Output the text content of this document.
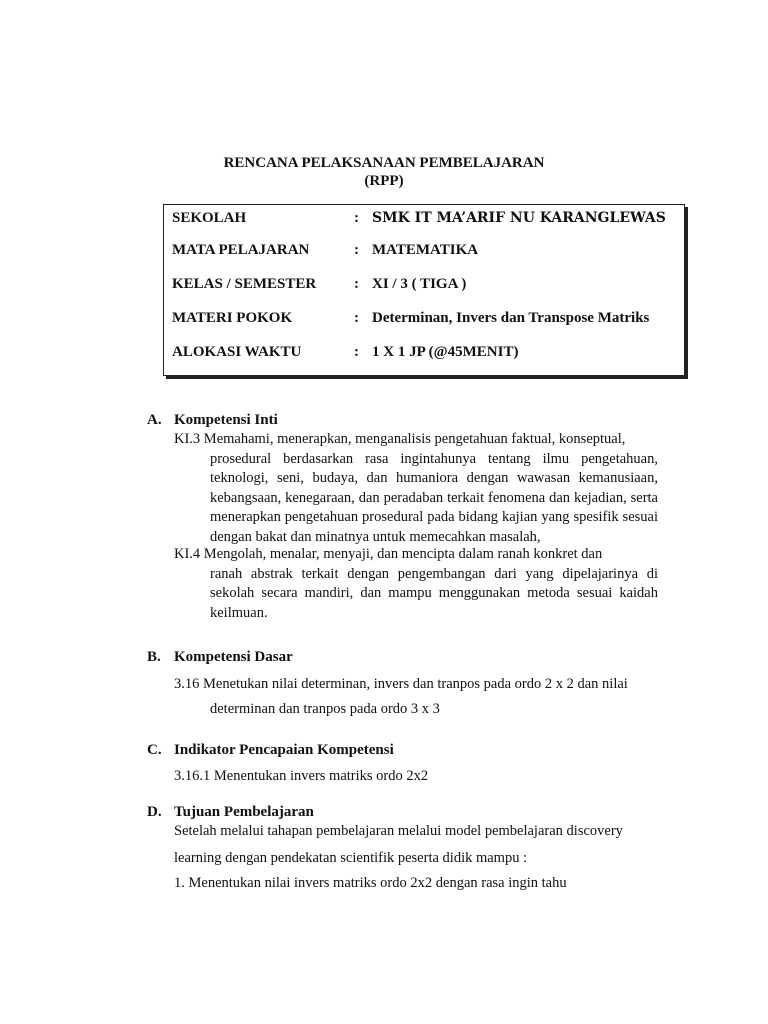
RENCANA PELAKSANAAN PEMBELAJARAN
(RPP)
SEKOLAH	: SMK IT MA’ARIF NU KARANGLEWAS
MATA PELAJARAN	: MATEMATIKA
KELAS / SEMESTER	: XI / 3 ( TIGA )
MATERI POKOK	: Determinan, Invers dan Transpose Matriks
ALOKASI WAKTU	: 1 X 1 JP (@45MENIT)
A. Kompetensi Inti
KI.3 Memahami, menerapkan, menganalisis pengetahuan faktual, konseptual,
prosedural berdasarkan rasa ingintahunya tentang ilmu pengetahuan, teknologi, seni, budaya, dan humaniora dengan wawasan kemanusiaan, kebangsaan, kenegaraan, dan peradaban terkait fenomena dan kejadian, serta menerapkan pengetahuan prosedural pada bidang kajian yang spesifik sesuai dengan bakat dan minatnya untuk memecahkan masalah,
KI.4 Mengolah, menalar, menyaji, dan mencipta dalam ranah konkret dan
ranah abstrak terkait dengan pengembangan dari yang dipelajarinya di sekolah secara mandiri, dan mampu menggunakan metoda sesuai kaidah keilmuan.
B. Kompetensi Dasar
3.16 Menetukan nilai determinan, invers dan tranpos pada ordo 2 x 2 dan nilai
determinan dan tranpos pada ordo 3 x 3
C. Indikator Pencapaian Kompetensi
3.16.1 Menentukan invers matriks ordo 2x2
D. Tujuan Pembelajaran
Setelah melalui tahapan pembelajaran melalui model pembelajaran discovery
learning dengan pendekatan scientifik peserta didik mampu :
1. Menentukan nilai invers matriks ordo 2x2 dengan rasa ingin tahu
